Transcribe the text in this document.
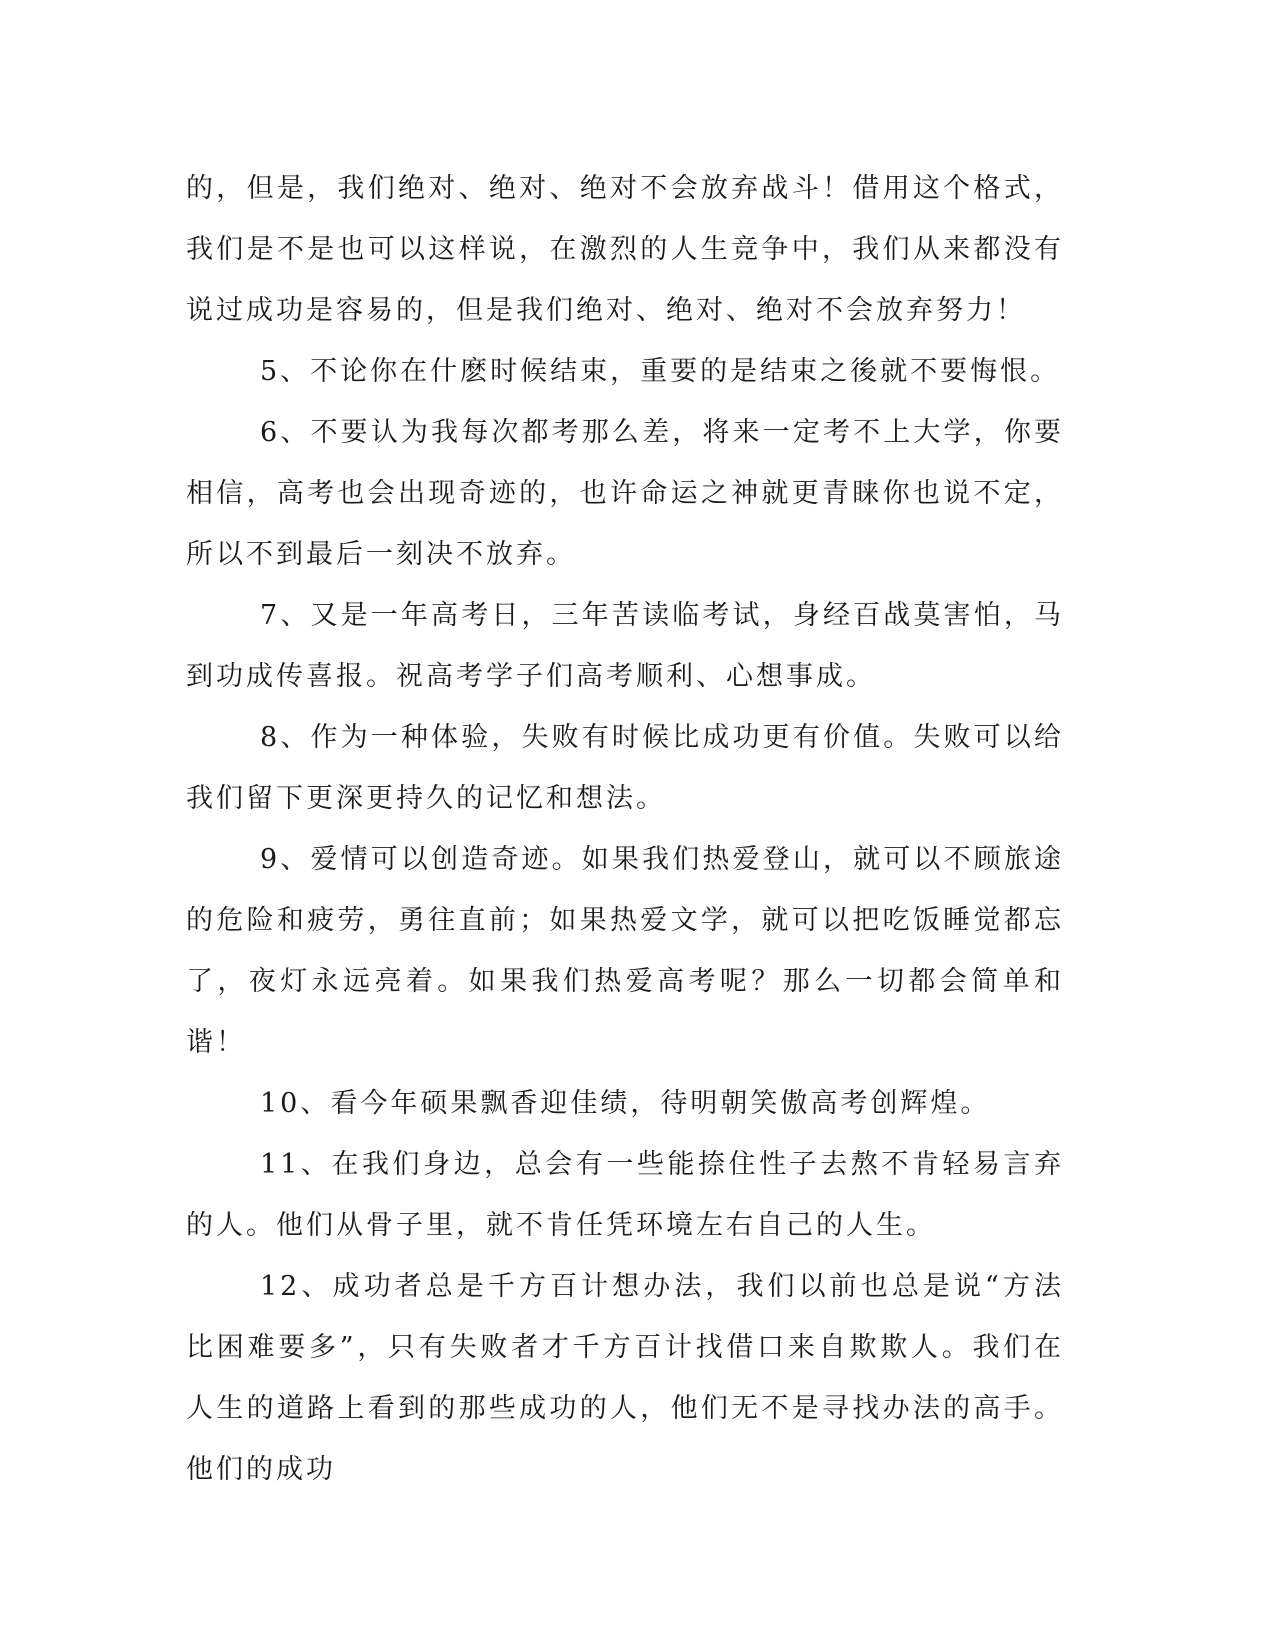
的，但是，我们绝对、绝对、绝对不会放弃战斗！借用这个格式，我们是不是也可以这样说，在激烈的人生竞争中，我们从来都没有说过成功是容易的，但是我们绝对、绝对、绝对不会放弃努力！

5、不论你在什麽时候结束，重要的是结束之後就不要悔恨。

6、不要认为我每次都考那么差，将来一定考不上大学，你要相信，高考也会出现奇迹的，也许命运之神就更青睐你也说不定，所以不到最后一刻决不放弃。

7、又是一年高考日，三年苦读临考试，身经百战莫害怕，马到功成传喜报。祝高考学子们高考顺利、心想事成。

8、作为一种体验，失败有时候比成功更有价值。失败可以给我们留下更深更持久的记忆和想法。

9、爱情可以创造奇迹。如果我们热爱登山，就可以不顾旅途的危险和疲劳，勇往直前；如果热爱文学，就可以把吃饭睡觉都忘了，夜灯永远亮着。如果我们热爱高考呢？那么一切都会简单和谐！

10、看今年硕果飘香迎佳绩，待明朝笑傲高考创辉煌。

11、在我们身边，总会有一些能捺住性子去熬不肯轻易言弃的人。他们从骨子里，就不肯任凭环境左右自己的人生。

12、成功者总是千方百计想办法，我们以前也总是说“方法比困难要多”，只有失败者才千方百计找借口来自欺欺人。我们在人生的道路上看到的那些成功的人，他们无不是寻找办法的高手。他们的成功
